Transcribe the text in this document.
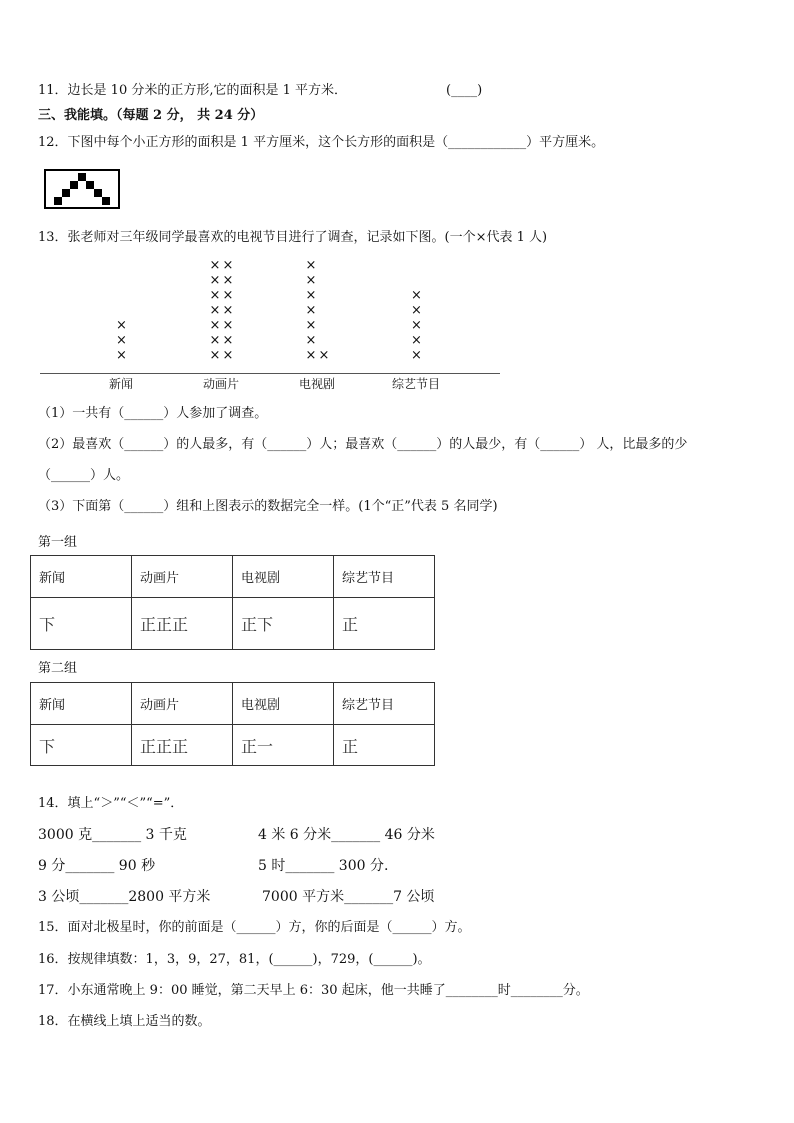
11．边长是 10 分米的正方形,它的面积是 1 平方米．	(____)
三、我能填。（每题 2 分， 共 24 分）
12．下图中每个小正方形的面积是 1 平方厘米，这个长方形的面积是（____________）平方厘米。
13．张老师对三年级同学最喜欢的电视节目进行了调查，记录如下图。(一个×代表 1 人)
×
×
×
新闻
×
×
×
×
×
×
×
×
×
×
×
×
×
×
动画片
×
×
×
×
×
×
×
×
电视剧
×
×
×
×
×
综艺节目
（1）一共有（______）人参加了调查。
（2）最喜欢（______）的人最多，有（______）人；最喜欢（______）的人最少，有（______） 人，比最多的少
（______）人。
（3）下面第（______）组和上图表示的数据完全一样。(1个“正”代表 5 名同学)
第一组
新闻	动画片	电视剧	综艺节目
下	正正正	正下	正
第二组
新闻	动画片	电视剧	综艺节目
下	正正正	正一	正
14．填上“＞”“＜”“=”．
3000 克_______ 3 千克	4 米 6 分米_______ 46 分米
9 分_______ 90 秒	5 时_______ 300 分.
3 公顷_______2800 平方米	7000 平方米_______7 公顷
15．面对北极星时，你的前面是（______）方，你的后面是（______）方。
16．按规律填数：1，3，9，27，81，(______)，729，(______)。
17．小东通常晚上 9：00 睡觉，第二天早上 6：30 起床，他一共睡了________时________分。
18．在横线上填上适当的数。
